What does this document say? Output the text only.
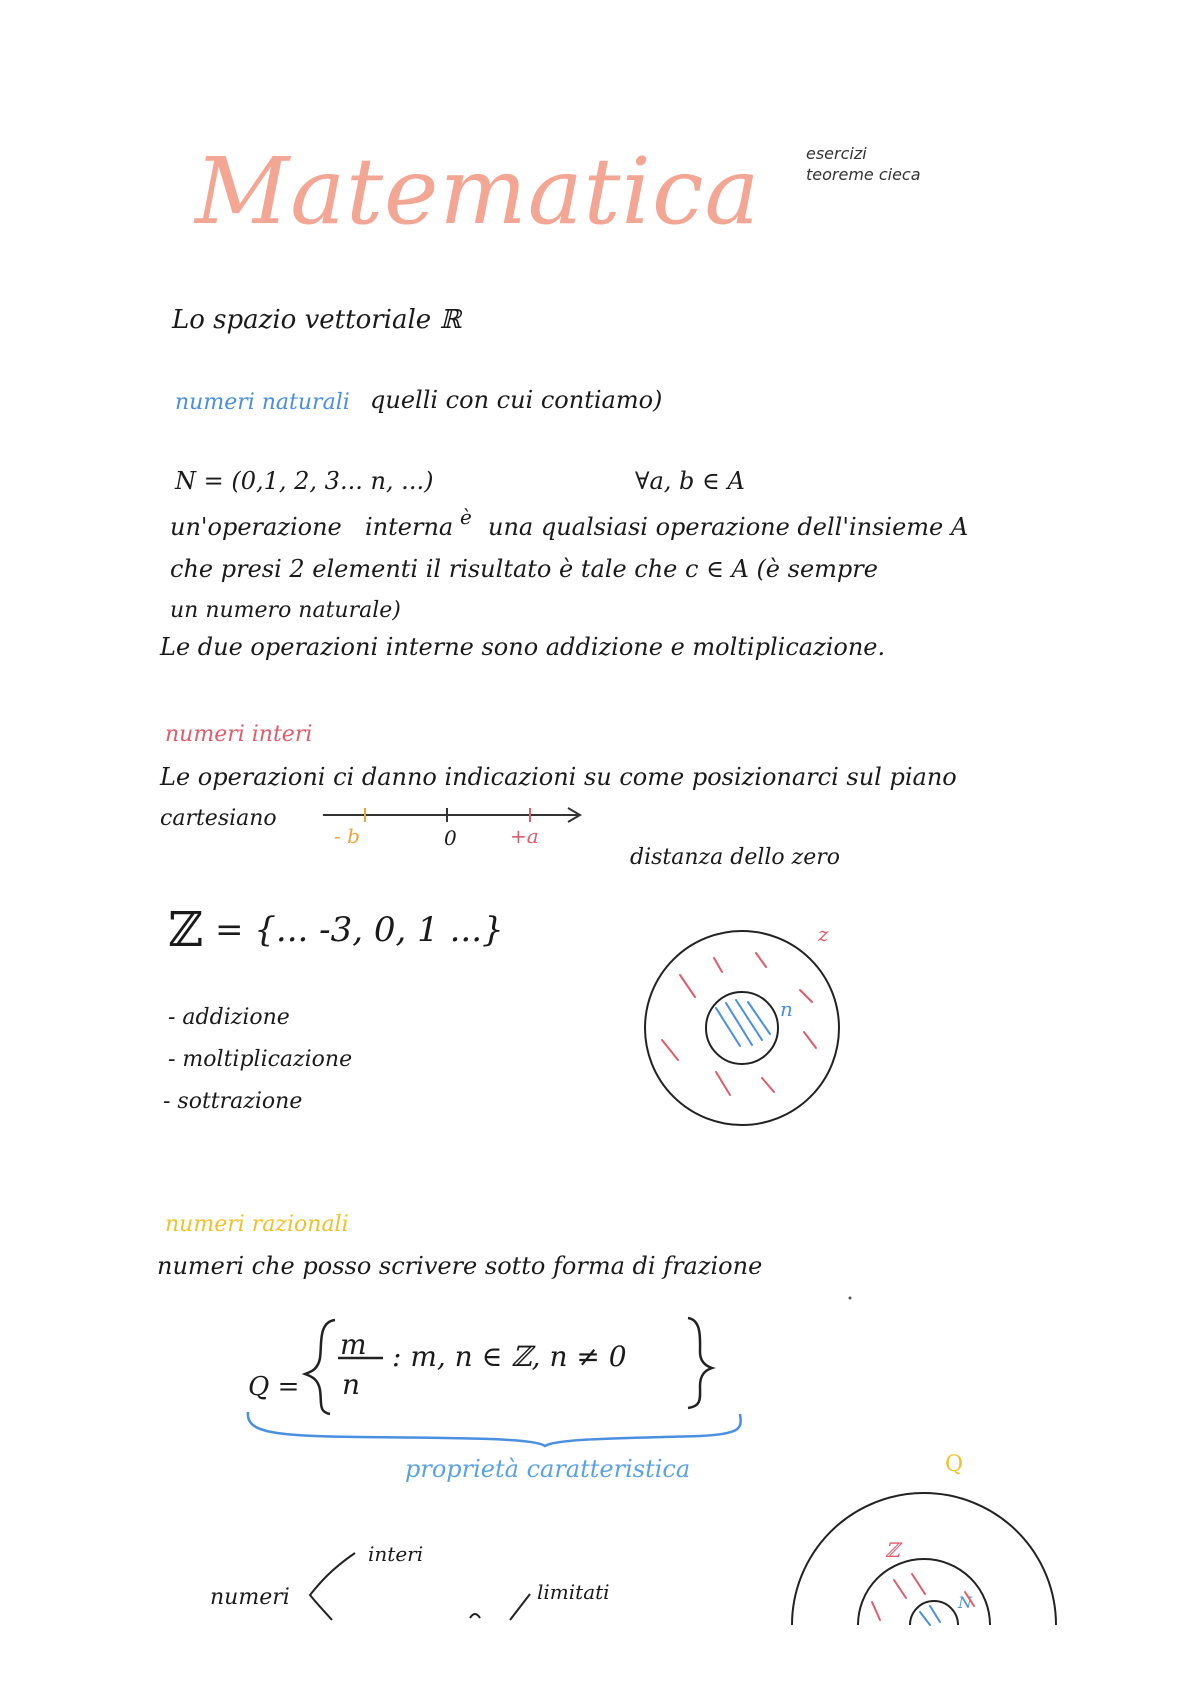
Matematica	esercizi
teoreme cieca
Lo spazio vettoriale ℝ
numeri naturali quelli con cui contiamo)
N = (0,1, 2, 3... n, ...)	∀a, b ∈ A
un'operazione interna è una qualsiasi operazione dell'insieme A
che presi 2 elementi il risultato è tale che c ∈ A (è sempre
un numero naturale)
Le due operazioni interne sono addizione e moltiplicazione.
numeri interi
Le operazioni ci danno indicazioni su come posizionarci sul piano
cartesiano
- b	0	+a
distanza dello zero
ℤ = {... -3, 0, 1 ...}
- addizione
- moltiplicazione
- sottrazione
z
n
numeri razionali
numeri che posso scrivere sotto forma di frazione
Q =
m
n
: m, n ∈ ℤ, n ≠ 0
proprietà caratteristica	Q
ℤ
N
numeri
interi
limitati
